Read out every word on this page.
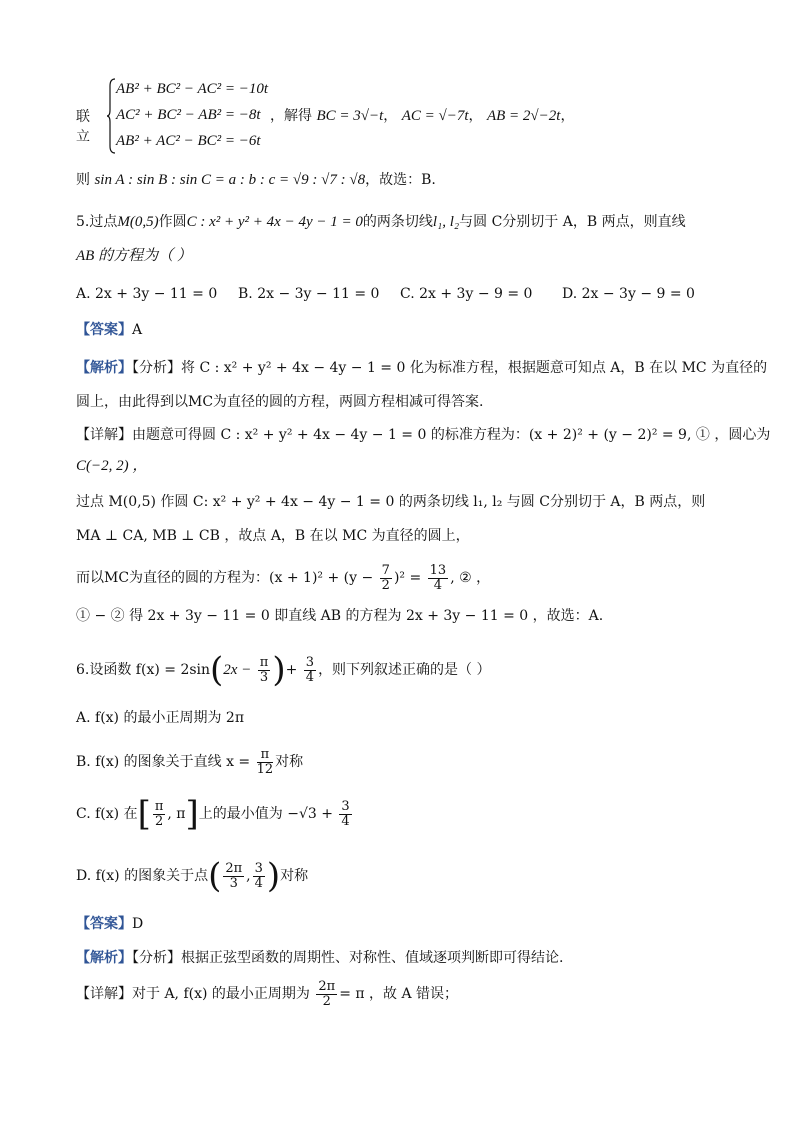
联立
AB² + BC² − AC² = −10t
AC² + BC² − AB² = −8t
AB² + AC² − BC² = −6t
，解得 BC = 3√−t， AC = √−7t， AB = 2√−2t，
则 sin A : sin B : sin C = a : b : c = √9 : √7 : √8，故选：B.
5.过点M(0,5)作圆C : x² + y² + 4x − 4y − 1 = 0的两条切线l₁, l₂与圆 C分别切于 A，B 两点，则直线
AB 的方程为（ ）
A. 2x + 3y − 11 = 0 B. 2x − 3y − 11 = 0 C. 2x + 3y − 9 = 0 D. 2x − 3y − 9 = 0
【答案】A
【解析】【分析】将 C : x² + y² + 4x − 4y − 1 = 0 化为标准方程，根据题意可知点 A，B 在以 MC 为直径的
圆上，由此得到以MC为直径的圆的方程，两圆方程相减可得答案.
【详解】由题意可得圆 C : x² + y² + 4x − 4y − 1 = 0 的标准方程为：(x + 2)² + (y − 2)² = 9, ① ，圆心为
C(−2, 2) ，
过点 M(0,5) 作圆 C: x² + y² + 4x − 4y − 1 = 0 的两条切线 l₁, l₂ 与圆 C分别切于 A，B 两点，则
MA ⊥ CA, MB ⊥ CB ，故点 A，B 在以 MC 为直径的圆上，
而以MC为直径的圆的方程为：$(x + 1)^2 + (y - \frac{7}{2} )^2 = \frac{13}{4}$ , ② ，
① − ② 得 2x + 3y − 11 = 0 即直线 AB 的方程为 2x + 3y − 11 = 0 ，故选：A.
6.设函数 $f(x) = 2\sin(2x - \frac{\pi}{3}$ )+ $\frac{3}{4}$ ，则下列叙述正确的是（ ）
A. f(x) 的最小正周期为 2π
B. f(x) 的图象关于直线 $x = \frac{\pi}{12}$ 对称
C. f(x) 在[ $\frac{\pi}{2}$ , π]上的最小值为 $-√3 + \frac{3}{4}$
D. f(x) 的图象关于点( $\frac{2\pi}{3}$ , $\frac{3}{4}$ )对称
【答案】D
【解析】【分析】根据正弦型函数的周期性、对称性、值域逐项判断即可得结论.
【详解】对于 A, f(x) 的最小正周期为 $\frac{2\pi}{2} = \pi$ ，故 A 错误；
